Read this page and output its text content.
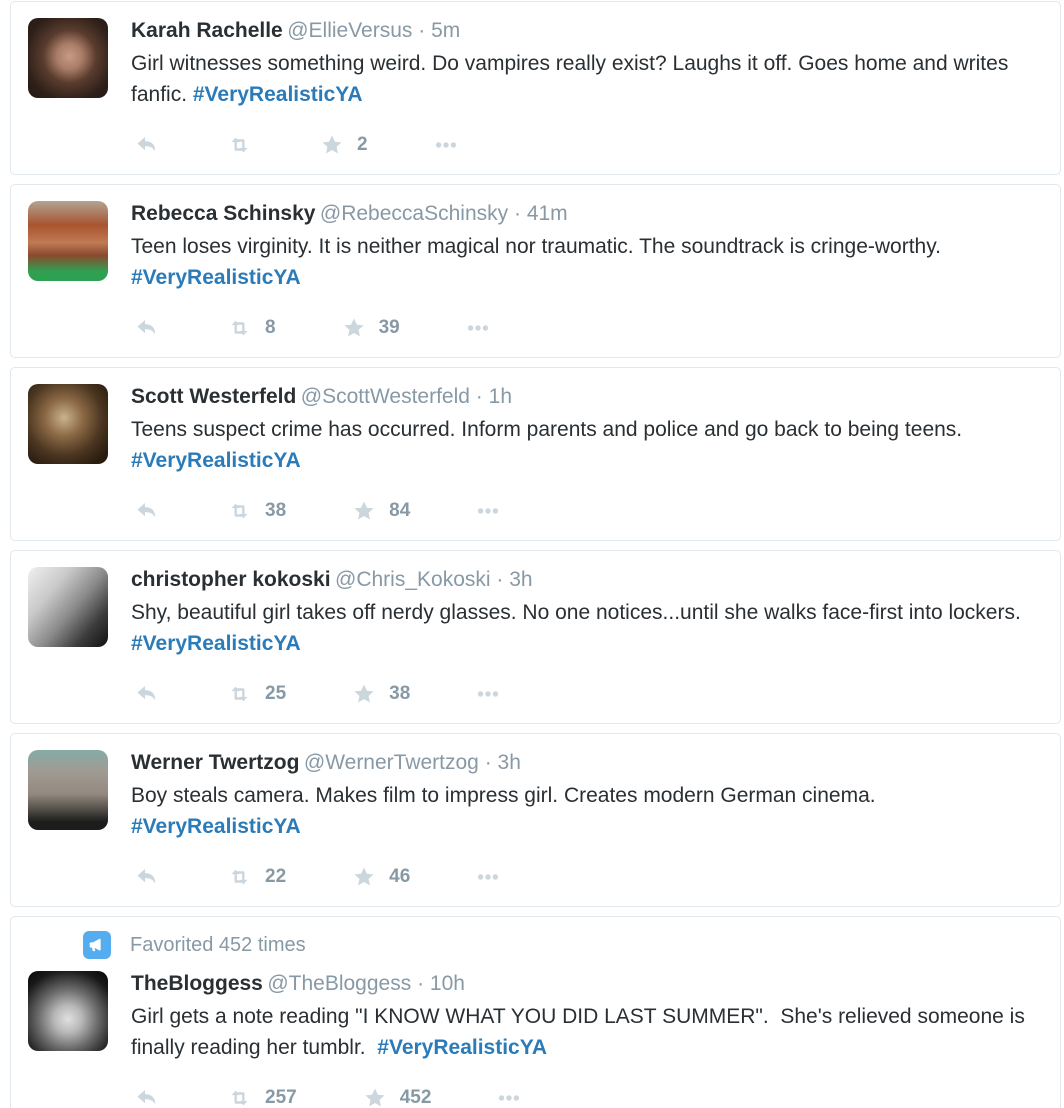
Karah Rachelle @EllieVersus · 5m

Girl witnesses something weird. Do vampires really exist? Laughs it off. Goes home and writes fanfic. #VeryRealisticYA

2
Rebecca Schinsky @RebeccaSchinsky · 41m

Teen loses virginity. It is neither magical nor traumatic. The soundtrack is cringe-worthy. #VeryRealisticYA

8	39
Scott Westerfeld @ScottWesterfeld · 1h

Teens suspect crime has occurred. Inform parents and police and go back to being teens. #VeryRealisticYA

38	84
christopher kokoski @Chris_Kokoski · 3h

Shy, beautiful girl takes off nerdy glasses. No one notices...until she walks face-first into lockers. #VeryRealisticYA

25	38
Werner Twertzog @WernerTwertzog · 3h

Boy steals camera. Makes film to impress girl. Creates modern German cinema. #VeryRealisticYA

22	46
Favorited 452 times
TheBloggess @TheBloggess · 10h

Girl gets a note reading "I KNOW WHAT YOU DID LAST SUMMER".  She's relieved someone is finally reading her tumblr.  #VeryRealisticYA

257	452
